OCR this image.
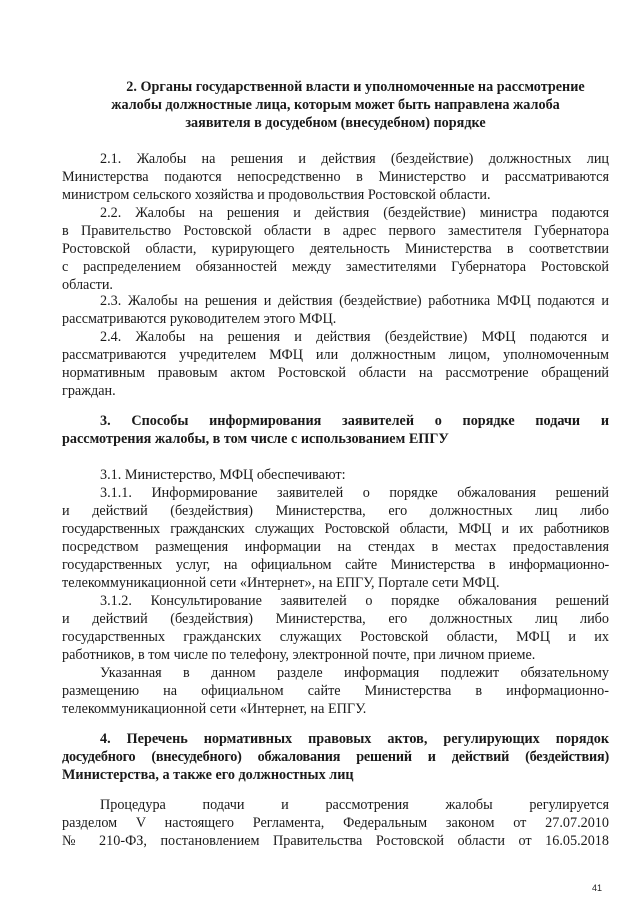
2. Органы государственной власти и уполномоченные на рассмотрение
жалобы должностные лица, которым может быть направлена жалоба
заявителя в досудебном (внесудебном) порядке
2.1. Жалобы на решения и действия (бездействие) должностных лиц
Министерства подаются непосредственно в Министерство и рассматриваются
министром сельского хозяйства и продовольствия Ростовской области.
2.2. Жалобы на решения и действия (бездействие) министра подаются
в Правительство Ростовской области в адрес первого заместителя Губернатора
Ростовской области, курирующего деятельность Министерства в соответствии
с распределением обязанностей между заместителями Губернатора Ростовской
области.
2.3. Жалобы на решения и действия (бездействие) работника МФЦ подаются и
рассматриваются руководителем этого МФЦ.
2.4. Жалобы на решения и действия (бездействие) МФЦ подаются и
рассматриваются учредителем МФЦ или должностным лицом, уполномоченным
нормативным правовым актом Ростовской области на рассмотрение обращений
граждан.
3. Способы информирования заявителей о порядке подачи и
рассмотрения жалобы, в том числе с использованием ЕПГУ
3.1. Министерство, МФЦ обеспечивают:
3.1.1. Информирование заявителей о порядке обжалования решений
и действий (бездействия) Министерства, его должностных лиц либо
государственных гражданских служащих Ростовской области, МФЦ и их работников
посредством размещения информации на стендах в местах предоставления
государственных услуг, на официальном сайте Министерства в информационно-
телекоммуникационной сети «Интернет», на ЕПГУ, Портале сети МФЦ.
3.1.2. Консультирование заявителей о порядке обжалования решений
и действий (бездействия) Министерства, его должностных лиц либо
государственных гражданских служащих Ростовской области, МФЦ и их
работников, в том числе по телефону, электронной почте, при личном приеме.
Указанная в данном разделе информация подлежит обязательному
размещению на официальном сайте Министерства в информационно-
телекоммуникационной сети «Интернет, на ЕПГУ.
4. Перечень нормативных правовых актов, регулирующих порядок
досудебного (внесудебного) обжалования решений и действий (бездействия)
Министерства, а также его должностных лиц
Процедура подачи и рассмотрения жалобы регулируется
разделом V настоящего Регламента, Федеральным законом от 27.07.2010
№ 210-ФЗ, постановлением Правительства Ростовской области от 16.05.2018
41
